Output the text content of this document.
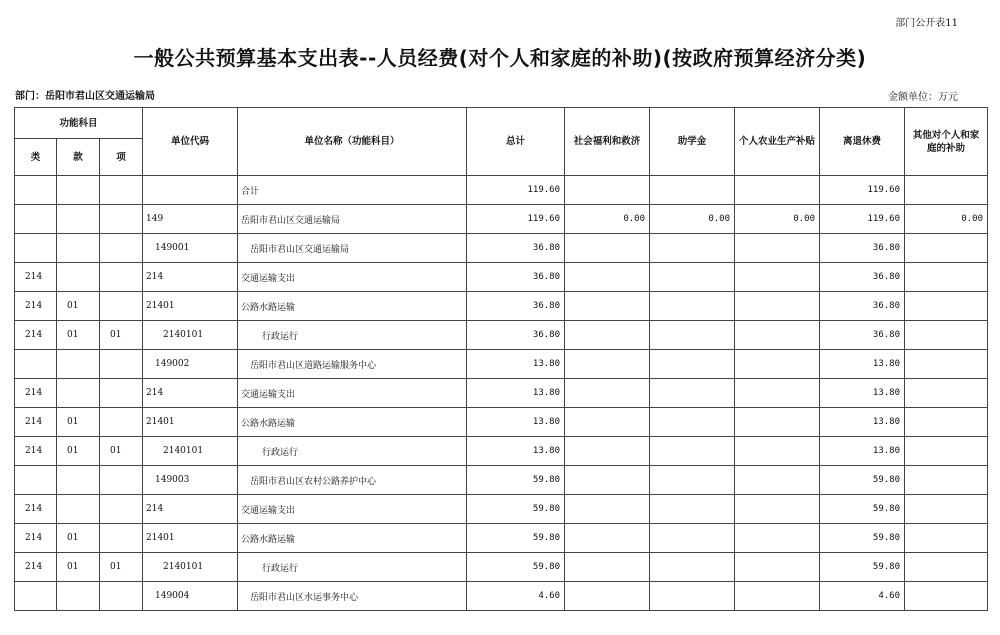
部门公开表11
一般公共预算基本支出表--人员经费(对个人和家庭的补助)(按政府预算经济分类)
部门：岳阳市君山区交通运输局	金额单位：万元
功能科目			单位代码	单位名称（功能科目）	总计	社会福利和救济	助学金	个人农业生产补贴	离退休费	其他对个人和家庭的补助
类	款	项								
				合计	119.60				119.60	
			149	岳阳市君山区交通运输局	119.60	0.00	0.00	0.00	119.60	0.00
			149001	岳阳市君山区交通运输局	36.80				36.80	
214			214	交通运输支出	36.80				36.80	
214	01		21401	公路水路运输	36.80				36.80	
214	01	01	2140101	行政运行	36.80				36.80	
			149002	岳阳市君山区道路运输服务中心	13.80				13.80	
214			214	交通运输支出	13.80				13.80	
214	01		21401	公路水路运输	13.80				13.80	
214	01	01	2140101	行政运行	13.80				13.80	
			149003	岳阳市君山区农村公路养护中心	59.80				59.80	
214			214	交通运输支出	59.80				59.80	
214	01		21401	公路水路运输	59.80				59.80	
214	01	01	2140101	行政运行	59.80				59.80	
			149004	岳阳市君山区水运事务中心	4.60				4.60	
